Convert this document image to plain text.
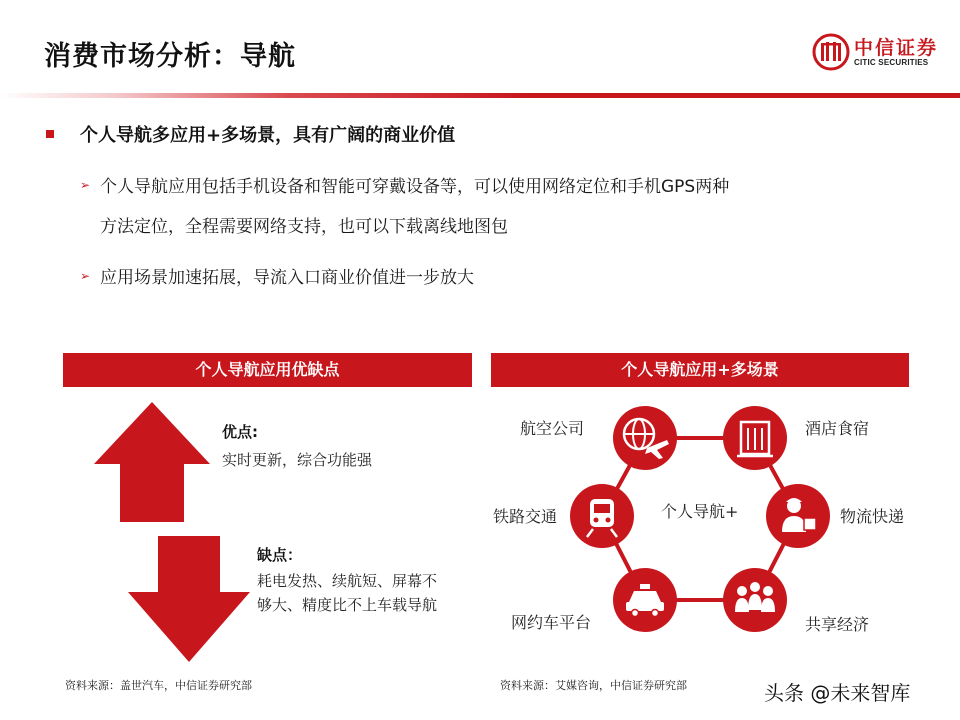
消费市场分析：导航	中信证券
CITIC SECURITIES
个人导航多应用+多场景，具有广阔的商业价值
➢ 个人导航应用包括手机设备和智能可穿戴设备等，可以使用网络定位和手机GPS两种
方法定位，全程需要网络支持，也可以下载离线地图包
➢ 应用场景加速拓展，导流入口商业价值进一步放大
个人导航应用优缺点
优点:
实时更新，综合功能强
缺点：
耗电发热、续航短、屏幕不够大、精度比不上车载导航
个人导航应用+多场景
航空公司	酒店食宿
铁路交通	个人导航+	物流快递
网约车平台	共享经济
资料来源：盖世汽车，中信证券研究部	资料来源：艾媒咨询，中信证券研究部	头条 @未来智库
